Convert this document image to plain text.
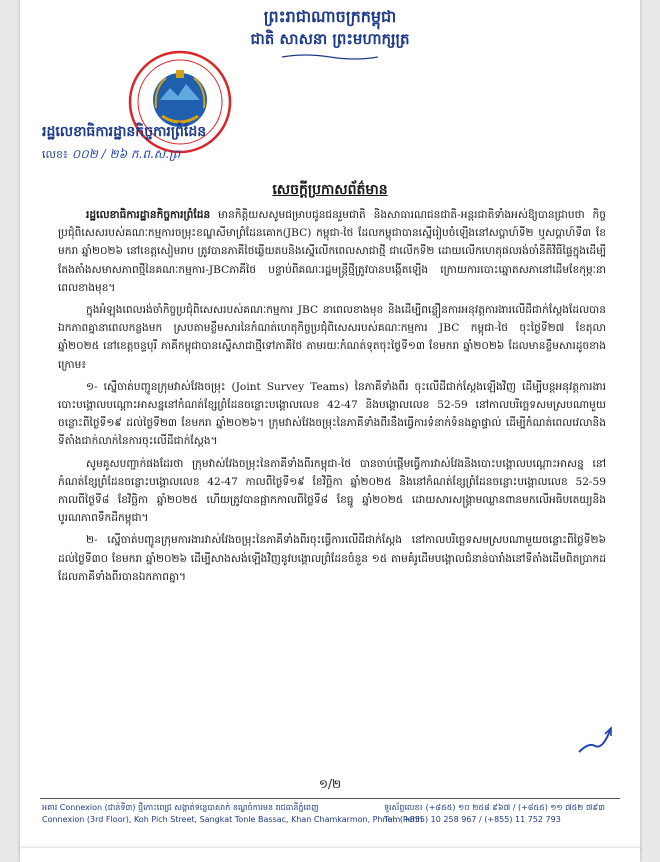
ព្រះរាជាណាចក្រកម្ពុជា
ជាតិ សាសនា ព្រះមហាក្សត្រ
រដ្ឋលេខាធិការដ្ឋានកិច្ចការព្រំដែន
លេខ៖ ០០២ / ២៦ ក.ព.ស.ព្រ
សេចក្តីប្រកាសព័ត៌មាន

រដ្ឋលេខាធិការដ្ឋានកិច្ចការព្រំដែន មានកិត្តិយសសូមជម្រាបជូនជនរួមជាតិ និងសាធារណជនជាតិ-អន្តរជាតិទាំងអស់ឱ្យបានជ្រាបថា កិច្ចប្រជុំពិសេសរបស់គណៈកម្មការចម្រុះខណ្ឌសីមាព្រំដែនគោក(JBC) កម្ពុជា-ថៃ ដែលកម្ពុជាបានស្នើរៀបចំឡើងនៅសប្តាហ៍ទី២ ឬសប្តាហ៍ទី៣ ខែមករា ឆ្នាំ២០២៦ នៅខេត្តសៀមរាប ត្រូវបានភាគីថៃឆ្លើយតបនិងស្នើលើកពេលសាជាថ្មី ជាលើកទី២ ដោយលើកហេតុផលរង់ចាំនីតិវិធីផ្ទៃក្នុងដើម្បីតែងតាំងសមាសភាពថ្មីនៃគណៈកម្មការ-JBCភាគីថៃ បន្ទាប់ពីគណៈរដ្ឋមន្ត្រីថ្មីត្រូវបានបង្កើតឡើង ក្រោយការបោះឆ្នោតសភានៅដើមខែកុម្ភៈនាពេលខាងមុខ។

ក្នុងអំឡុងពេលរង់ចាំកិច្ចប្រជុំពិសេសរបស់គណៈកម្មការ JBC នាពេលខាងមុខ និងដើម្បីពន្លឿនការអនុវត្តការងារលើដីជាក់ស្តែងដែលបានឯកភាពគ្នានាពេលកន្លងមក ស្របតាមខ្លឹមសារនៃកំណត់ហេតុកិច្ចប្រជុំពិសេសរបស់គណៈកម្មការ JBC កម្ពុជា-ថៃ ចុះថ្ងៃទី២៧ ខែតុលា ឆ្នាំ២០២៥ នៅខេត្តចន្ទបុរី ភាគីកម្ពុជាបានស្នើសាជាថ្មីទៅភាគីថៃ តាមរយៈកំណត់ទុតចុះថ្ងៃទី១៣ ខែមករា ឆ្នាំ២០២៦ ដែលមានខ្លឹមសារដូចខាងក្រោម៖

១- ស្នើចាត់បញ្ជូនក្រុមវាស់វែងចម្រុះ (Joint Survey Teams) នៃភាគីទាំងពីរ ចុះលើដីជាក់ស្តែងឡើងវិញ ដើម្បីបន្តអនុវត្តការងារបោះបង្គោលបណ្តោះអាសន្ននៅកំណត់ខ្សែព្រំដែនចន្លោះបង្គោលលេខ 42-47 និងបង្គោលលេខ 52-59 នៅកាលបរិច្ឆេទសមស្របណាមួយចន្លោះពីថ្ងៃទី១៩ ដល់ថ្ងៃទី២៣ ខែមករា ឆ្នាំ២០២៦។ ក្រុមវាស់វែងចម្រុះនៃភាគីទាំងពីរនឹងធ្វើការទំនាក់ទំនងគ្នាផ្ទាល់ ដើម្បីកំណត់ពេលវេលានិងទីតាំងជាក់លាក់នៃការចុះលើដីជាក់ស្តែង។

សូមគូសបញ្ជាក់ផងដែរថា ក្រុមវាស់វែងចម្រុះនៃភាគីទាំងពីរកម្ពុជា-ថៃ បានចាប់ផ្តើមធ្វើការវាស់វែងនិងបោះបង្គោលបណ្តោះអាសន្ន នៅកំណត់ខ្សែព្រំដែនចន្លោះបង្គោលលេខ 42-47 កាលពីថ្ងៃទី១៩ ខែវិច្ឆិកា ឆ្នាំ២០២៥ និងនៅកំណត់ខ្សែព្រំដែនចន្លោះបង្គោលលេខ 52-59 កាលពីថ្ងៃទី៨ ខែវិច្ឆិកា ឆ្នាំ២០២៥ ហើយត្រូវបានផ្អាកកាលពីថ្ងៃទី៨ ខែធ្នូ ឆ្នាំ២០២៥ ដោយសារសង្គ្រាមឈ្លានពានមកលើអធិបតេយ្យនិងបូរណភាពទឹកដីកម្ពុជា។

២- ស្នើចាត់បញ្ជូនក្រុមការងារវាស់វែងចម្រុះនៃភាគីទាំងពីរចុះធ្វើការលើដីជាក់ស្តែង នៅកាលបរិច្ឆេទសមស្របណាមួយចន្លោះពីថ្ងៃទី២៦ ដល់ថ្ងៃទី៣០ ខែមករា ឆ្នាំ២០២៦ ដើម្បីសាងសង់ឡើងវិញនូវបង្គោលព្រំដែនចំនួន ១៥ តាមគំរូដើមបង្គោលជំនាន់បារាំងនៅទីតាំងដើមពិតប្រាកដដែលភាគីទាំងពីរបានឯកភាពគ្នា។

១/២
អគារ Connexion (ជាន់ទី៣) ថ្មីកោះពេជ្រ សង្កាត់ទន្លេបាសាក់ ខណ្ឌចំការមន រាជធានីភ្នំពេញ
Connexion (3rd Floor), Koh Pich Street, Sangkat Tonle Bassac, Khan Chamkarmon, Phnom Penh
ទូរស័ព្ទលេខ៖ (+៨៥៥) ១០ ២៥៨ ៩៦៧ / (+៨៥៥) ១១ ៧៥២ ៧៩៣
Tel: (+855) 10 258 967 / (+855) 11 752 793
